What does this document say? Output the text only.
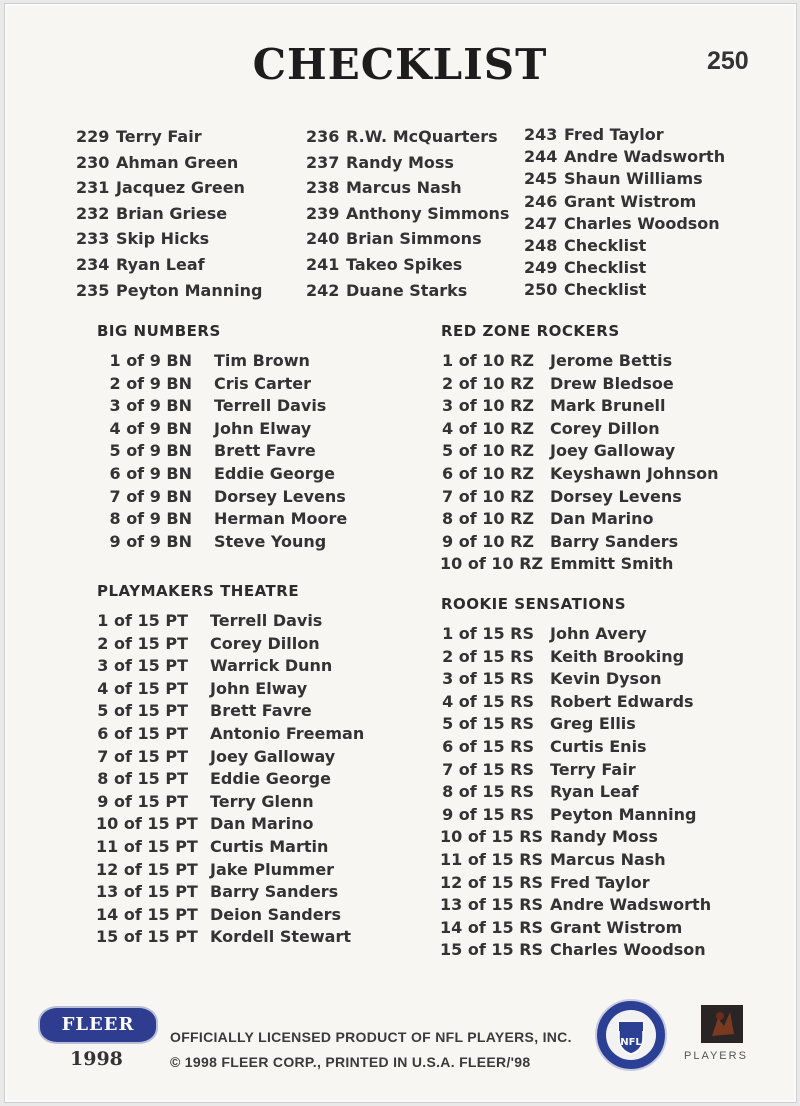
CHECKLIST	250
229 Terry Fair
230 Ahman Green
231 Jacquez Green
232 Brian Griese
233 Skip Hicks
234 Ryan Leaf
235 Peyton Manning
236 R.W. McQuarters
237 Randy Moss
238 Marcus Nash
239 Anthony Simmons
240 Brian Simmons
241 Takeo Spikes
242 Duane Starks
243 Fred Taylor
244 Andre Wadsworth
245 Shaun Williams
246 Grant Wistrom
247 Charles Woodson
248 Checklist
249 Checklist
250 Checklist
BIG NUMBERS
1 of 9 BN Tim Brown
2 of 9 BN Cris Carter
3 of 9 BN Terrell Davis
4 of 9 BN John Elway
5 of 9 BN Brett Favre
6 of 9 BN Eddie George
7 of 9 BN Dorsey Levens
8 of 9 BN Herman Moore
9 of 9 BN Steve Young
RED ZONE ROCKERS
1 of 10 RZ Jerome Bettis
2 of 10 RZ Drew Bledsoe
3 of 10 RZ Mark Brunell
4 of 10 RZ Corey Dillon
5 of 10 RZ Joey Galloway
6 of 10 RZ Keyshawn Johnson
7 of 10 RZ Dorsey Levens
8 of 10 RZ Dan Marino
9 of 10 RZ Barry Sanders
10 of 10 RZ Emmitt Smith
PLAYMAKERS THEATRE
1 of 15 PT Terrell Davis
2 of 15 PT Corey Dillon
3 of 15 PT Warrick Dunn
4 of 15 PT John Elway
5 of 15 PT Brett Favre
6 of 15 PT Antonio Freeman
7 of 15 PT Joey Galloway
8 of 15 PT Eddie George
9 of 15 PT Terry Glenn
10 of 15 PT Dan Marino
11 of 15 PT Curtis Martin
12 of 15 PT Jake Plummer
13 of 15 PT Barry Sanders
14 of 15 PT Deion Sanders
15 of 15 PT Kordell Stewart
ROOKIE SENSATIONS
1 of 15 RS John Avery
2 of 15 RS Keith Brooking
3 of 15 RS Kevin Dyson
4 of 15 RS Robert Edwards
5 of 15 RS Greg Ellis
6 of 15 RS Curtis Enis
7 of 15 RS Terry Fair
8 of 15 RS Ryan Leaf
9 of 15 RS Peyton Manning
10 of 15 RS Randy Moss
11 of 15 RS Marcus Nash
12 of 15 RS Fred Taylor
13 of 15 RS Andre Wadsworth
14 of 15 RS Grant Wistrom
15 of 15 RS Charles Woodson
FLEER
1998
OFFICIALLY LICENSED PRODUCT OF NFL PLAYERS, INC.
© 1998 FLEER CORP., PRINTED IN U.S.A. FLEER/'98
NFL
PLAYERS
